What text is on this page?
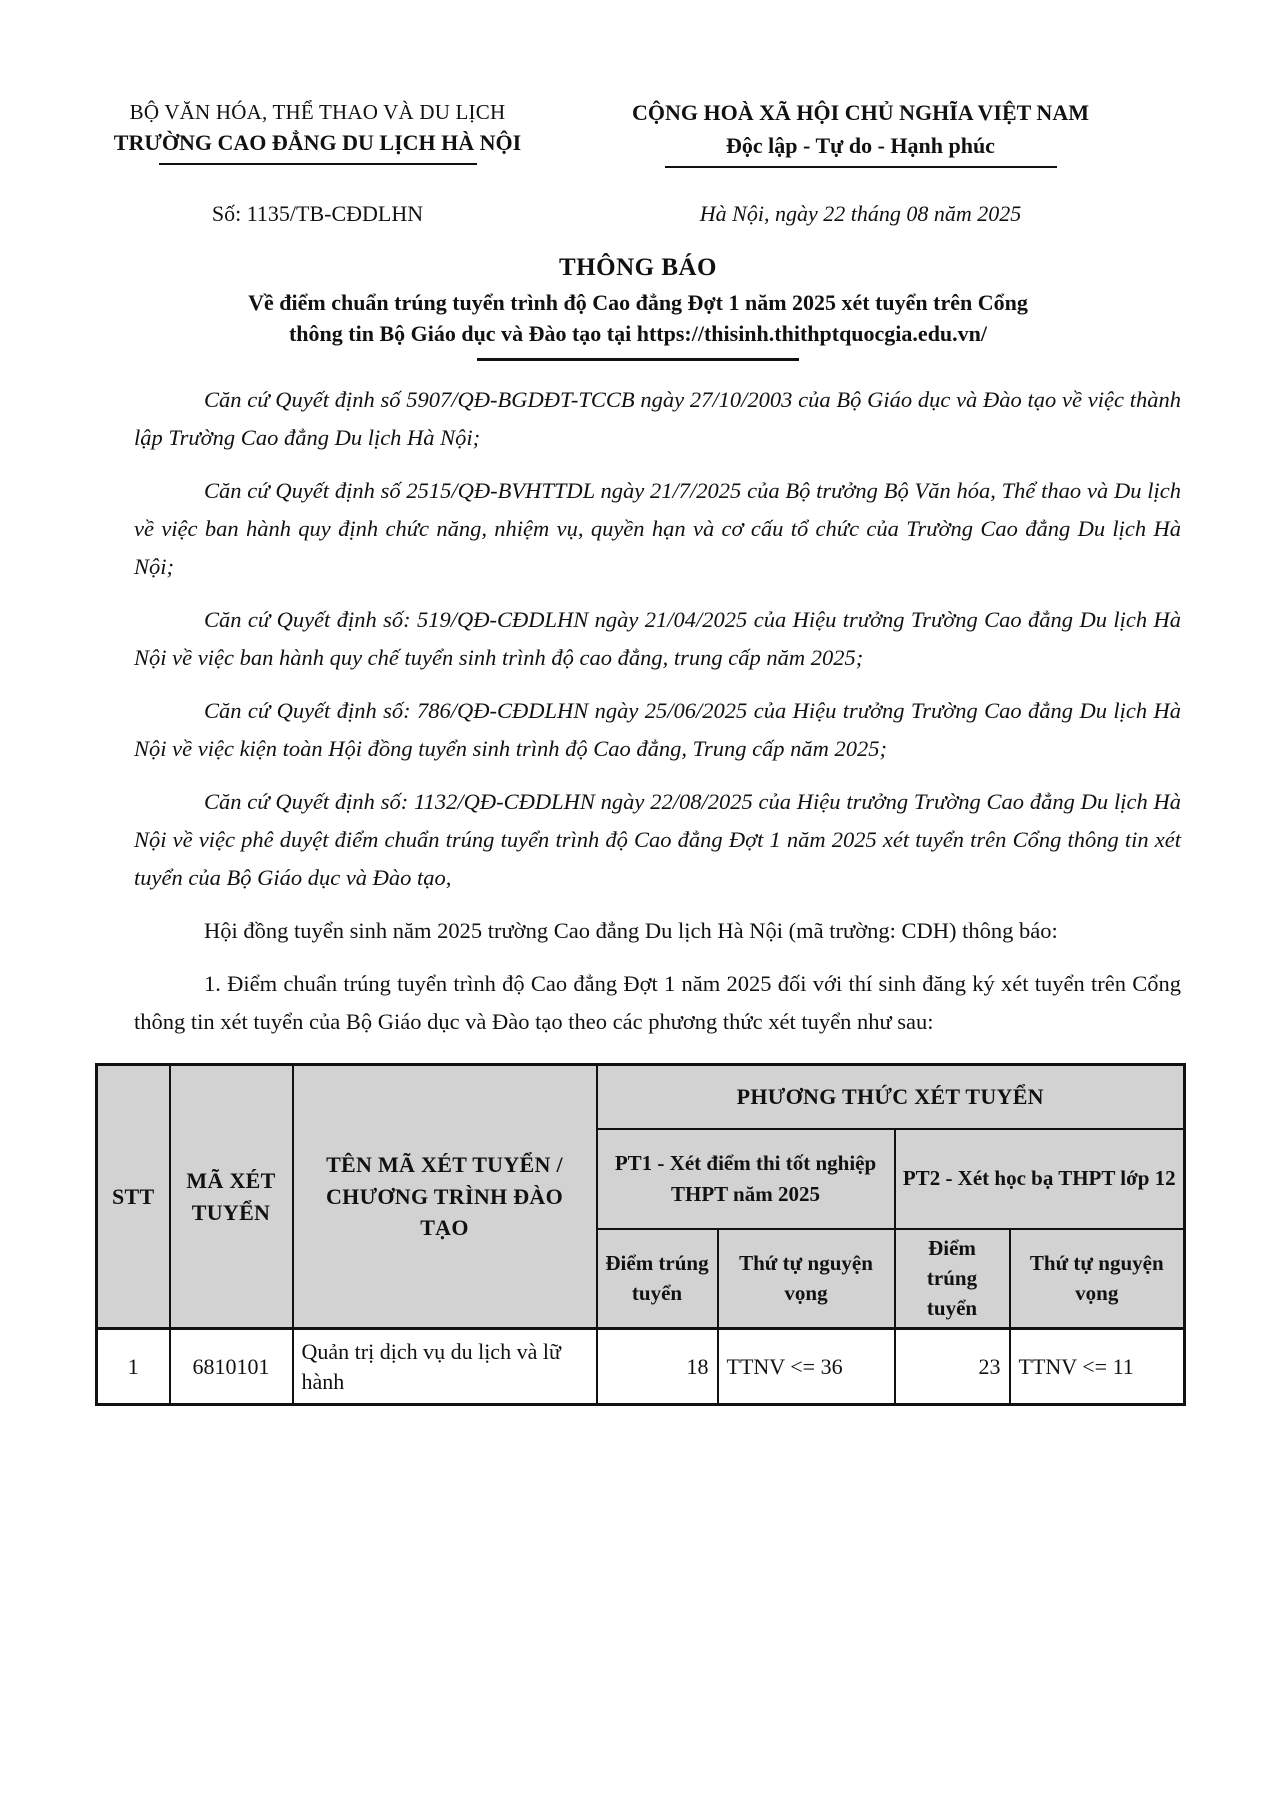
BỘ VĂN HÓA, THỂ THAO VÀ DU LỊCH
TRƯỜNG CAO ĐẲNG DU LỊCH HÀ NỘI
CỘNG HOÀ XÃ HỘI CHỦ NGHĨA VIỆT NAM
Độc lập - Tự do - Hạnh phúc
Số: 1135/TB-CĐDLHN	Hà Nội, ngày 22 tháng 08 năm 2025
THÔNG BÁO
Về điểm chuẩn trúng tuyển trình độ Cao đẳng Đợt 1 năm 2025 xét tuyển trên Cổng
thông tin Bộ Giáo dục và Đào tạo tại https://thisinh.thithptquocgia.edu.vn/

Căn cứ Quyết định số 5907/QĐ-BGDĐT-TCCB ngày 27/10/2003 của Bộ Giáo dục và Đào tạo về việc thành lập Trường Cao đẳng Du lịch Hà Nội;

Căn cứ Quyết định số 2515/QĐ-BVHTTDL ngày 21/7/2025 của Bộ trưởng Bộ Văn hóa, Thể thao và Du lịch về việc ban hành quy định chức năng, nhiệm vụ, quyền hạn và cơ cấu tổ chức của Trường Cao đẳng Du lịch Hà Nội;

Căn cứ Quyết định số: 519/QĐ-CĐDLHN ngày 21/04/2025 của Hiệu trưởng Trường Cao đẳng Du lịch Hà Nội về việc ban hành quy chế tuyển sinh trình độ cao đẳng, trung cấp năm 2025;

Căn cứ Quyết định số: 786/QĐ-CĐDLHN ngày 25/06/2025 của Hiệu trưởng Trường Cao đẳng Du lịch Hà Nội về việc kiện toàn Hội đồng tuyển sinh trình độ Cao đẳng, Trung cấp năm 2025;

Căn cứ Quyết định số: 1132/QĐ-CĐDLHN ngày 22/08/2025 của Hiệu trưởng Trường Cao đẳng Du lịch Hà Nội về việc phê duyệt điểm chuẩn trúng tuyển trình độ Cao đẳng Đợt 1 năm 2025 xét tuyển trên Cổng thông tin xét tuyển của Bộ Giáo dục và Đào tạo,

Hội đồng tuyển sinh năm 2025 trường Cao đẳng Du lịch Hà Nội (mã trường: CDH) thông báo:

1. Điểm chuẩn trúng tuyển trình độ Cao đẳng Đợt 1 năm 2025 đối với thí sinh đăng ký xét tuyển trên Cổng thông tin xét tuyển của Bộ Giáo dục và Đào tạo theo các phương thức xét tuyển như sau:

STT	MÃ XÉT TUYỂN	TÊN MÃ XÉT TUYỂN / CHƯƠNG TRÌNH ĐÀO TẠO	PHƯƠNG THỨC XÉT TUYỂN			
			PT1 - Xét điểm thi tốt nghiệp THPT năm 2025		PT2 - Xét học bạ THPT lớp 12	
			Điểm trúng tuyển	Thứ tự nguyện vọng	Điểm trúng tuyển	Thứ tự nguyện vọng
1	6810101	Quản trị dịch vụ du lịch và lữ hành	18	TTNV <= 36	23	TTNV <= 11
